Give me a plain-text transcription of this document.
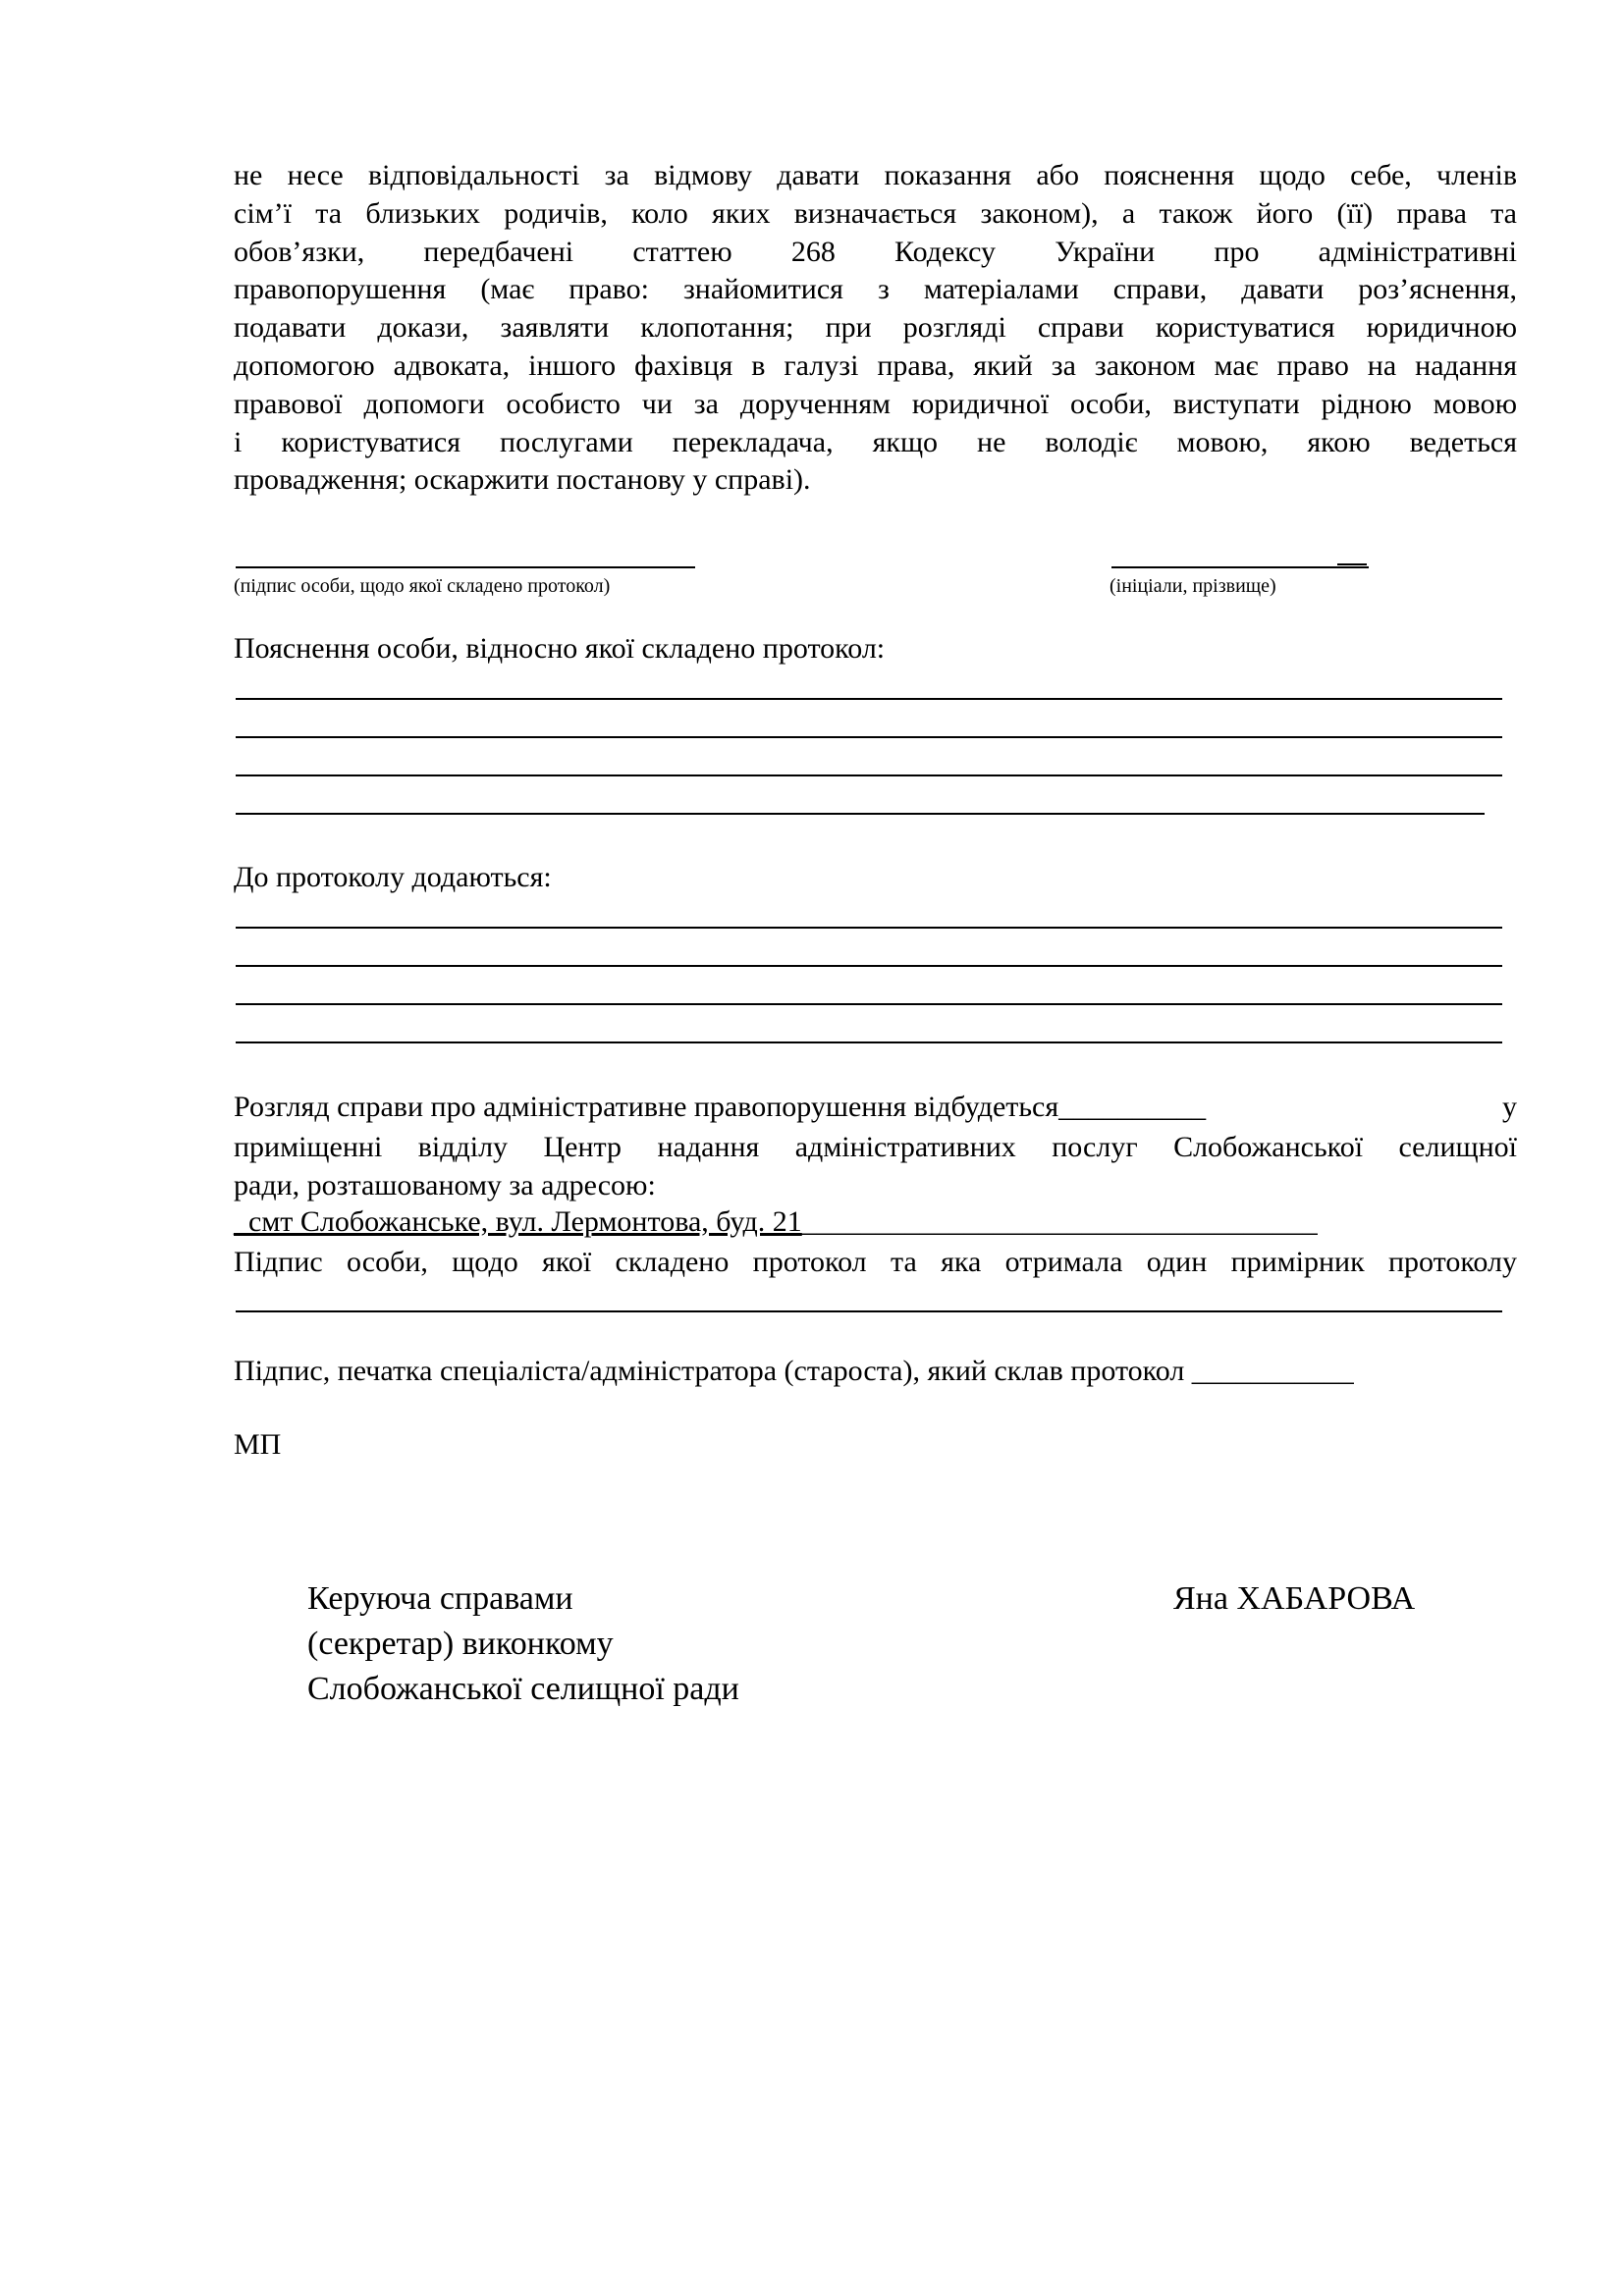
не несе відповідальності за відмову давати показання або пояснення щодо себе, членів
сім’ї та близьких родичів, коло яких визначається законом), а також його (її) права та
обов’язки, передбачені статтею 268 Кодексу України про адміністративні
правопорушення (має право: знайомитися з матеріалами справи, давати роз’яснення,
подавати докази, заявляти клопотання; при розгляді справи користуватися юридичною
допомогою адвоката, іншого фахівця в галузі права, який за законом має право на надання
правової допомоги особисто чи за дорученням юридичної особи, виступати рідною мовою
і користуватися послугами перекладача, якщо не володіє мовою, якою ведеться
провадження; оскаржити постанову у справі).
(підпис особи, щодо якої складено протокол)	(ініціали, прізвище)
Пояснення особи, відносно якої складено протокол:
До протоколу додаються:
Розгляд справи про адміністративне правопорушення відбудеться__________	у
приміщенні відділу Центр надання адміністративних послуг Слобожанської селищної
ради, розташованому за адресою:
_смт Слобожанське, вул. Лермонтова, буд. 21___________________________________
Підпис особи, щодо якої складено протокол та яка отримала один примірник протоколу
Підпис, печатка спеціаліста/адміністратора (староста), який склав протокол ___________
МП
Керуюча справами
(секретар) виконкому
Слобожанської селищної ради
Яна ХАБАРОВА
